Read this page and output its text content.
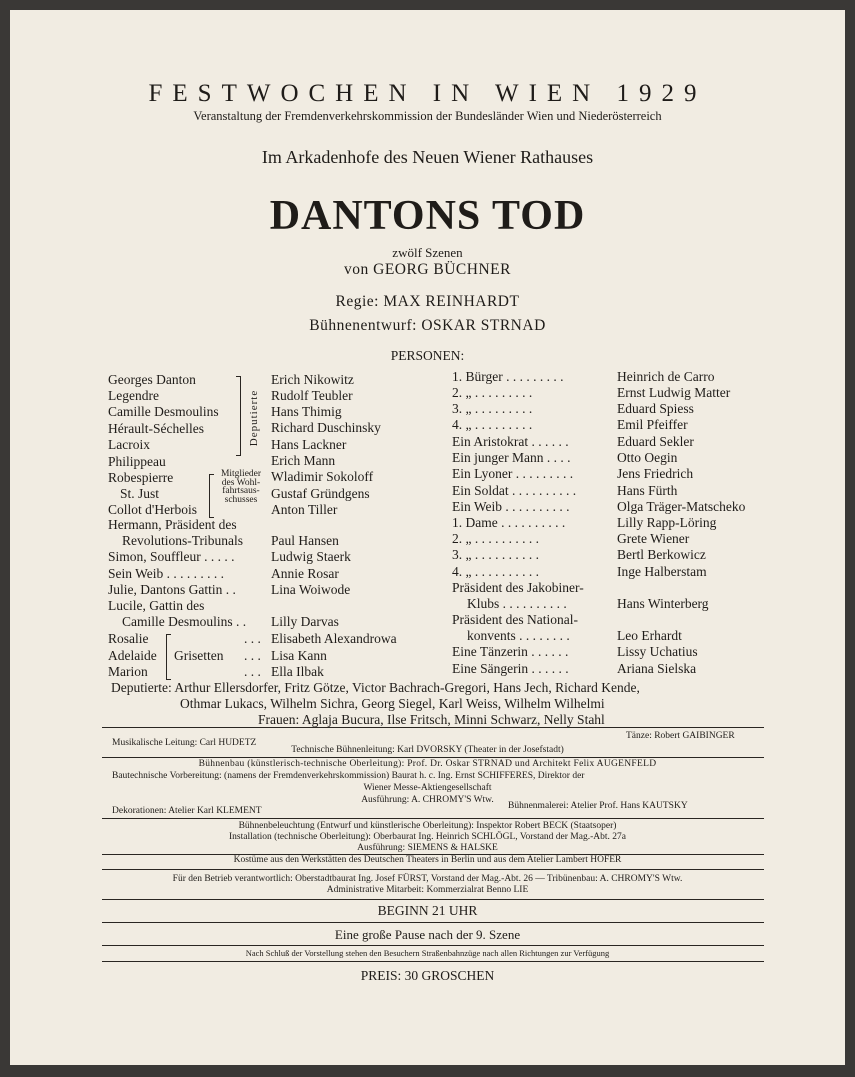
FESTWOCHEN IN WIEN 1929
Veranstaltung der Fremdenverkehrskommission der Bundesländer Wien und Niederösterreich
Im Arkadenhofe des Neuen Wiener Rathauses
DANTONS TOD
zwölf Szenen
von GEORG BÜCHNER
Regie: MAX REINHARDT
Bühnenentwurf: OSKAR STRNAD
PERSONEN:
Georges Danton
Legendre
Camille Desmoulins
Hérault-Séchelles
Lacroix
Philippeau
Robespierre
St. Just
Collot d'Herbois
Hermann, Präsident des
Revolutions-Tribunals
Simon, Souffleur . . . . .
Sein Weib . . . . . . . . .
Julie, Dantons Gattin . .
Lucile, Gattin des
Camille Desmoulins . .
Rosalie
Adelaide
Marion
Deputierte
Mitglieder
des Wohl-
fahrtsaus-
schusses
Grisetten
. . .
. . .
. . .
Erich Nikowitz
Rudolf Teubler
Hans Thimig
Richard Duschinsky
Hans Lackner
Erich Mann
Wladimir Sokoloff
Gustaf Gründgens
Anton Tiller
Paul Hansen
Ludwig Staerk
Annie Rosar
Lina Woiwode
Lilly Darvas
Elisabeth Alexandrowa
Lisa Kann
Ella Ilbak
1. Bürger . . . . . . . . .
2. „ . . . . . . . . .
3. „ . . . . . . . . .
4. „ . . . . . . . . .
Ein Aristokrat . . . . . .
Ein junger Mann . . . .
Ein Lyoner . . . . . . . . .
Ein Soldat . . . . . . . . . .
Ein Weib . . . . . . . . . .
1. Dame . . . . . . . . . .
2. „ . . . . . . . . . .
3. „ . . . . . . . . . .
4. „ . . . . . . . . . .
Präsident des Jakobiner-
Klubs . . . . . . . . . .
Präsident des National-
konvents . . . . . . . .
Eine Tänzerin . . . . . .
Eine Sängerin . . . . . .
Heinrich de Carro
Ernst Ludwig Matter
Eduard Spiess
Emil Pfeiffer
Eduard Sekler
Otto Oegin
Jens Friedrich
Hans Fürth
Olga Träger-Matscheko
Lilly Rapp-Löring
Grete Wiener
Bertl Berkowicz
Inge Halberstam
Hans Winterberg
Leo Erhardt
Lissy Uchatius
Ariana Sielska
Deputierte: Arthur Ellersdorfer, Fritz Götze, Victor Bachrach-Gregori, Hans Jech, Richard Kende,
Othmar Lukacs, Wilhelm Sichra, Georg Siegel, Karl Weiss, Wilhelm Wilhelmi
Frauen: Aglaja Bucura, Ilse Fritsch, Minni Schwarz, Nelly Stahl
Musikalische Leitung: Carl HUDETZ
Tänze: Robert GAIBINGER
Technische Bühnenleitung: Karl DVORSKY (Theater in der Josefstadt)
Bühnenbau (künstlerisch-technische Oberleitung): Prof. Dr. Oskar STRNAD und Architekt Felix AUGENFELD
Bautechnische Vorbereitung: (namens der Fremdenverkehrskommission) Baurat h. c. Ing. Ernst SCHIFFERES, Direktor der
Wiener Messe-Aktiengesellschaft
Ausführung: A. CHROMY'S Wtw.
Dekorationen: Atelier Karl KLEMENT	Bühnenmalerei: Atelier Prof. Hans KAUTSKY
Bühnenbeleuchtung (Entwurf und künstlerische Oberleitung): Inspektor Robert BECK (Staatsoper)
Installation (technische Oberleitung): Oberbaurat Ing. Heinrich SCHLÖGL, Vorstand der Mag.-Abt. 27a
Ausführung: SIEMENS & HALSKE
Kostüme aus den Werkstätten des Deutschen Theaters in Berlin und aus dem Atelier Lambert HOFER
Für den Betrieb verantwortlich: Oberstadtbaurat Ing. Josef FÜRST, Vorstand der Mag.-Abt. 26 — Tribünenbau: A. CHROMY'S Wtw.
Administrative Mitarbeit: Kommerzialrat Benno LIE
BEGINN 21 UHR
Eine große Pause nach der 9. Szene
Nach Schluß der Vorstellung stehen den Besuchern Straßenbahnzüge nach allen Richtungen zur Verfügung
PREIS: 30 GROSCHEN
